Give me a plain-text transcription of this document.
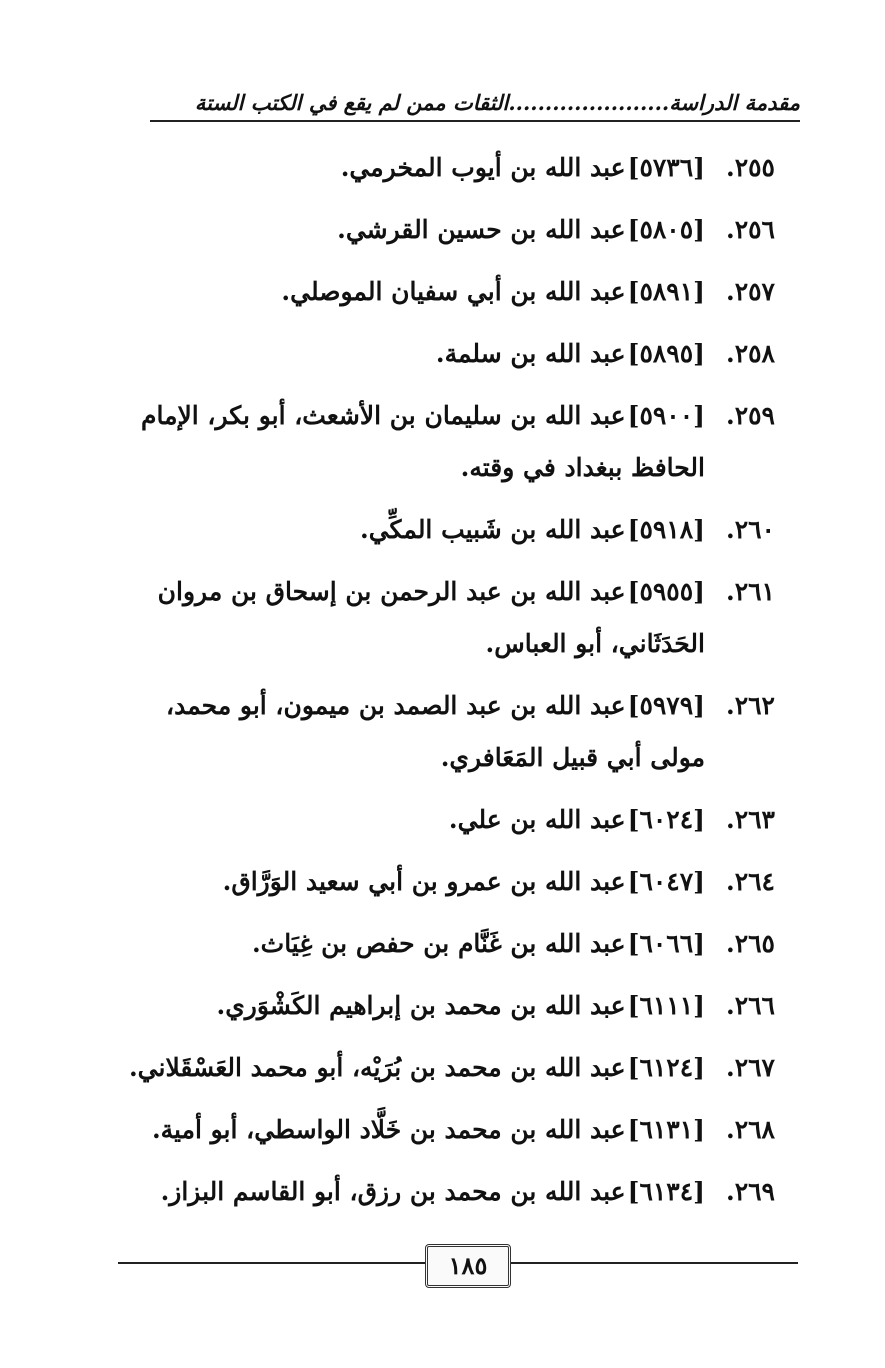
مقدمة الدراسة......................الثقات ممن لم يقع في الكتب الستة
٢٥٥.
[٥٧٣٦]عبد الله بن أيوب المخرمي.
٢٥٦.
[٥٨٠٥]عبد الله بن حسين القرشي.
٢٥٧.
[٥٨٩١]عبد الله بن أبي سفيان الموصلي.
٢٥٨.
[٥٨٩٥]عبد الله بن سلمة.
٢٥٩.
[٥٩٠٠]عبد الله بن سليمان بن الأشعث، أبو بكر، الإمام الحافظ ببغداد في وقته.
٢٦٠.
[٥٩١٨]عبد الله بن شَبيب المكِّي.
٢٦١.
[٥٩٥٥]عبد الله بن عبد الرحمن بن إسحاق بن مروان الحَدَثَاني، أبو العباس.
٢٦٢.
[٥٩٧٩]عبد الله بن عبد الصمد بن ميمون، أبو محمد، مولى أبي قبيل المَعَافري.
٢٦٣.
[٦٠٢٤]عبد الله بن علي.
٢٦٤.
[٦٠٤٧]عبد الله بن عمرو بن أبي سعيد الوَرَّاق.
٢٦٥.
[٦٠٦٦]عبد الله بن غَنَّام بن حفص بن غِيَاث.
٢٦٦.
[٦١١١]عبد الله بن محمد بن إبراهيم الكَشْوَري.
٢٦٧.
[٦١٢٤]عبد الله بن محمد بن بُرَيْه، أبو محمد العَسْقَلاني.
٢٦٨.
[٦١٣١]عبد الله بن محمد بن خَلَّاد الواسطي، أبو أمية.
٢٦٩.
[٦١٣٤]عبد الله بن محمد بن رزق، أبو القاسم البزاز.
١٨٥
